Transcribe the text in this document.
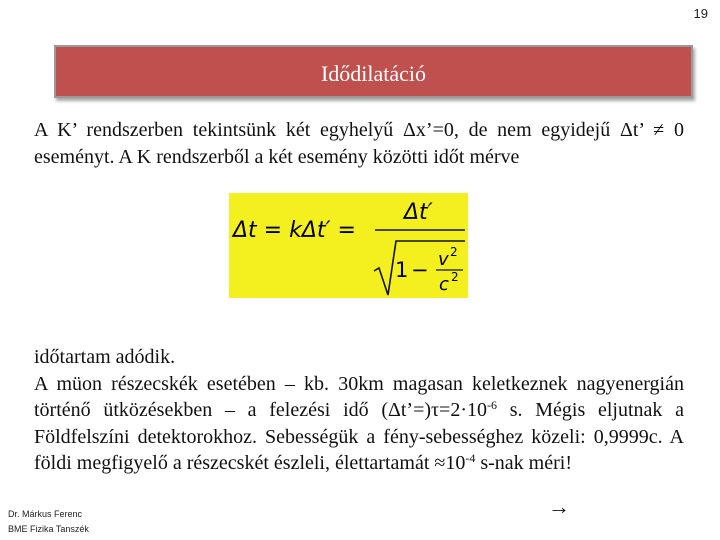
19
Idődilatáció

A K’ rendszerben tekintsünk két egyhelyű Δx’=0, de nem egyidejű Δt’ ≠ 0 eseményt. A K rendszerből a két esemény közötti időt mérve

Δt = kΔt′ =
Δt′
1 − v 2
c 2

időtartam adódik.
A müon részecskék esetében – kb. 30km magasan keletkeznek nagyenergián történő ütközésekben – a felezési idő $(\Delta t’=)\tau=2\cdot 10^{-6}$ s. Mégis eljutnak a Földfelszíni detektorokhoz. Sebességük a fény-sebességhez közeli: 0,9999c. A földi megfigyelő a részecskét észleli, élettartamát $\approx 10^{-4}$ s-nak méri!

→
Dr. Márkus Ferenc
BME Fizika Tanszék
